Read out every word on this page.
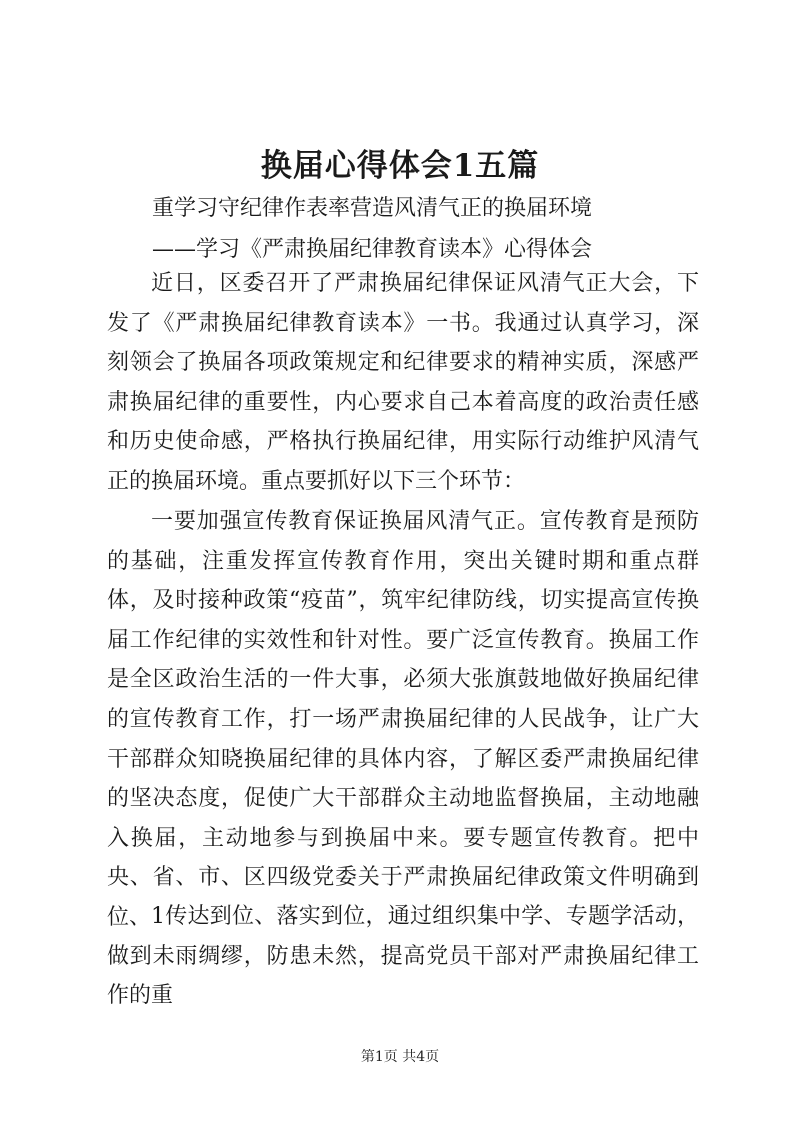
换届心得体会1五篇
重学习守纪律作表率营造风清气正的换届环境
——学习《严肃换届纪律教育读本》心得体会

近日，区委召开了严肃换届纪律保证风清气正大会，下发了《严肃换届纪律教育读本》一书。我通过认真学习，深刻领会了换届各项政策规定和纪律要求的精神实质，深感严肃换届纪律的重要性，内心要求自己本着高度的政治责任感和历史使命感，严格执行换届纪律，用实际行动维护风清气正的换届环境。重点要抓好以下三个环节：

一要加强宣传教育保证换届风清气正。宣传教育是预防的基础，注重发挥宣传教育作用，突出关键时期和重点群体，及时接种政策“疫苗”，筑牢纪律防线，切实提高宣传换届工作纪律的实效性和针对性。要广泛宣传教育。换届工作是全区政治生活的一件大事，必须大张旗鼓地做好换届纪律的宣传教育工作，打一场严肃换届纪律的人民战争，让广大干部群众知晓换届纪律的具体内容，了解区委严肃换届纪律的坚决态度，促使广大干部群众主动地监督换届，主动地融入换届，主动地参与到换届中来。要专题宣传教育。把中央、省、市、区四级党委关于严肃换届纪律政策文件明确到位、 1传达到位、落实到位，通过组织集中学、专题学活动，做到未雨绸缪，防患未然，提高党员干部对严肃换届纪律工作的重

第1页 共4页
